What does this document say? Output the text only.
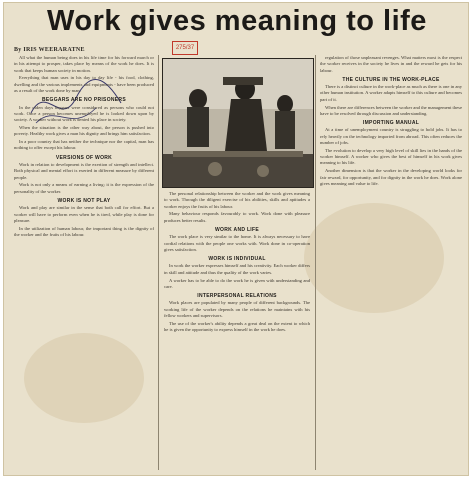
Work gives meaning to life
By IRIS WEERARATNE	275/37

All what the human being does in his life time for his forward march or in his attempt to prosper, takes place by means of the work he does. It is work that keeps human society in motion.

Everything that man uses in his day to day life - his food, clothing, dwelling and the various implements and equipments - have been produced as a result of the work done by man.

BEGGARS ARE NO PRISONERS

In the olden days beggars were considered as persons who could not work. Once a person becomes unemployed he is looked down upon by society. A worker without work is denied his place in society.

When the situation is the other way about, the person is pushed into poverty. Healthy work gives a man his dignity and brings him satisfaction.

In a poor country that has neither the technique nor the capital, man has nothing to offer except his labour.

VERSIONS OF WORK

Work in relation to development is the exertion of strength and intellect. Both physical and mental effort is exerted in different measure by different people.

Work is not only a means of earning a living; it is the expression of the personality of the worker.

WORK IS NOT PLAY

Work and play are similar in the sense that both call for effort. But a worker will have to perform even when he is tired, while play is done for pleasure.

In the utilization of human labour, the important thing is the dignity of the worker and the fruits of his labour.

The personal relationship between the worker and the work gives meaning to work. Through the diligent exercise of his abilities, skills and aptitudes a worker enjoys the fruits of his labour.

Many behaviour responds favourably to work. Work done with pleasure produces better results.

WORK AND LIFE

The work place is very similar to the home. It is always necessary to have cordial relations with the people one works with. Work done in co-operation gives satisfaction.

WORK IS INDIVIDUAL

In work the worker expresses himself and his creativity. Each worker differs in skill and attitude and thus the quality of the work varies.

A worker has to be able to do the work he is given with understanding and care.

INTERPERSONAL RELATIONS

Work places are populated by many people of different backgrounds. The working life of the worker depends on the relations he maintains with his fellow workers and supervisors.

The use of the worker's ability depends a great deal on the extent to which he is given the opportunity to express himself in the work he does.

regulation of those unpleasant revenges. What matters most is the respect the worker receives in the society he lives in and the reward he gets for his labour.

THE CULTURE IN THE WORK-PLACE

There is a distinct culture in the work-place as much as there is one in any other human institution. A worker adapts himself to this culture and becomes part of it.

When there are differences between the worker and the management these have to be resolved through discussion and understanding.

IMPORTING MANUAL

At a time of unemployment country is struggling to hold jobs. It has to rely heavily on the technology imported from abroad. This often reduces the number of jobs.

The evolution to develop a very high level of skill lies in the hands of the worker himself. A worker who gives the best of himself in his work gives meaning to his life.

Another dimension is that the worker in the developing world looks for fair reward, for opportunity, and for dignity in the work he does. Work alone gives meaning and value to life.
